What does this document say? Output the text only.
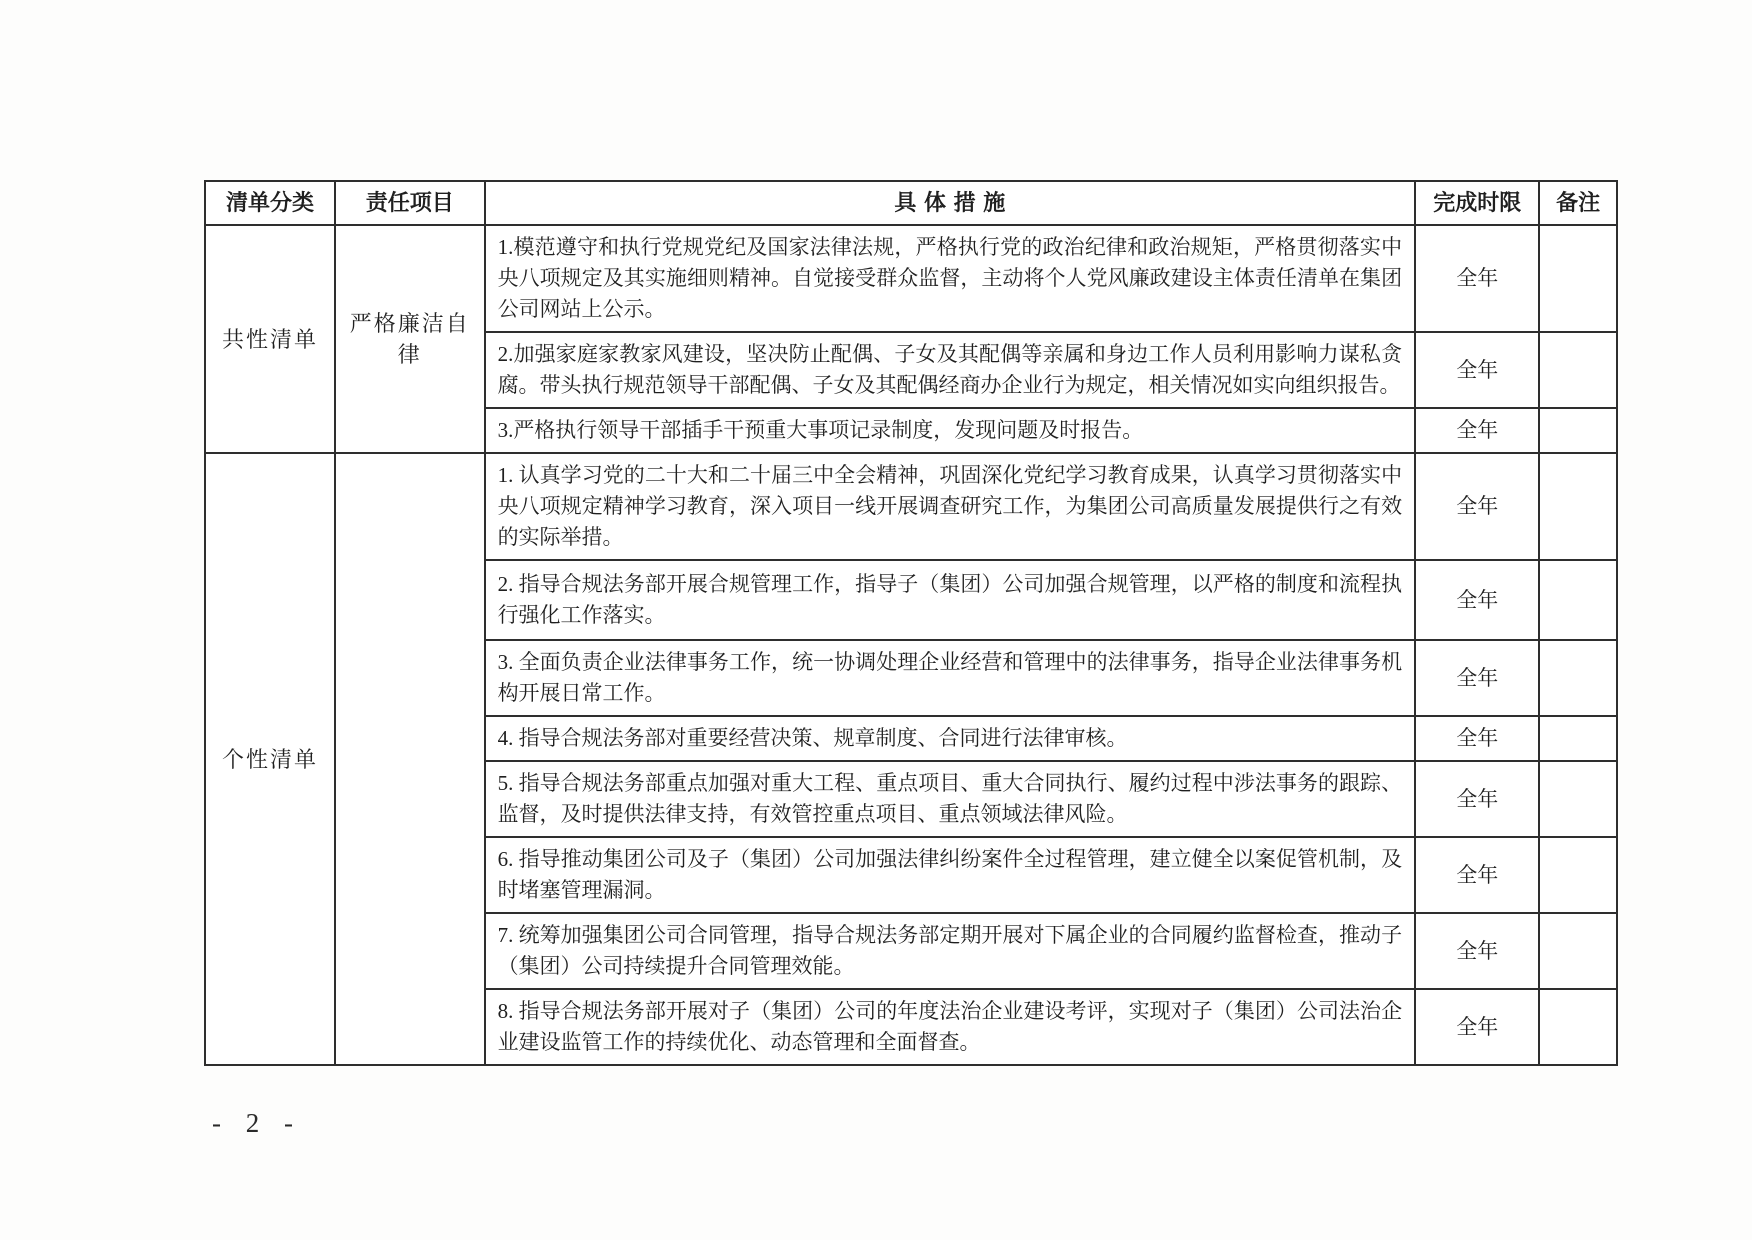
清单分类	责任项目	具 体 措 施	完成时限	备注
共性清单	严格廉洁自律	1.模范遵守和执行党规党纪及国家法律法规，严格执行党的政治纪律和政治规矩，严格贯彻落实中央八项规定及其实施细则精神。自觉接受群众监督，主动将个人党风廉政建设主体责任清单在集团公司网站上公示。	全年	
		2.加强家庭家教家风建设，坚决防止配偶、子女及其配偶等亲属和身边工作人员利用影响力谋私贪腐。带头执行规范领导干部配偶、子女及其配偶经商办企业行为规定，相关情况如实向组织报告。	全年	
		3.严格执行领导干部插手干预重大事项记录制度，发现问题及时报告。	全年	
个性清单		1. 认真学习党的二十大和二十届三中全会精神，巩固深化党纪学习教育成果，认真学习贯彻落实中央八项规定精神学习教育，深入项目一线开展调查研究工作，为集团公司高质量发展提供行之有效的实际举措。	全年	
		2. 指导合规法务部开展合规管理工作，指导子（集团）公司加强合规管理，以严格的制度和流程执行强化工作落实。	全年	
		3. 全面负责企业法律事务工作，统一协调处理企业经营和管理中的法律事务，指导企业法律事务机构开展日常工作。	全年	
		4. 指导合规法务部对重要经营决策、规章制度、合同进行法律审核。	全年	
		5. 指导合规法务部重点加强对重大工程、重点项目、重大合同执行、履约过程中涉法事务的跟踪、监督，及时提供法律支持，有效管控重点项目、重点领域法律风险。	全年	
		6. 指导推动集团公司及子（集团）公司加强法律纠纷案件全过程管理，建立健全以案促管机制，及时堵塞管理漏洞。	全年	
		7. 统筹加强集团公司合同管理，指导合规法务部定期开展对下属企业的合同履约监督检查，推动子（集团）公司持续提升合同管理效能。	全年	
		8. 指导合规法务部开展对子（集团）公司的年度法治企业建设考评，实现对子（集团）公司法治企业建设监管工作的持续优化、动态管理和全面督查。	全年	
- 2 -
